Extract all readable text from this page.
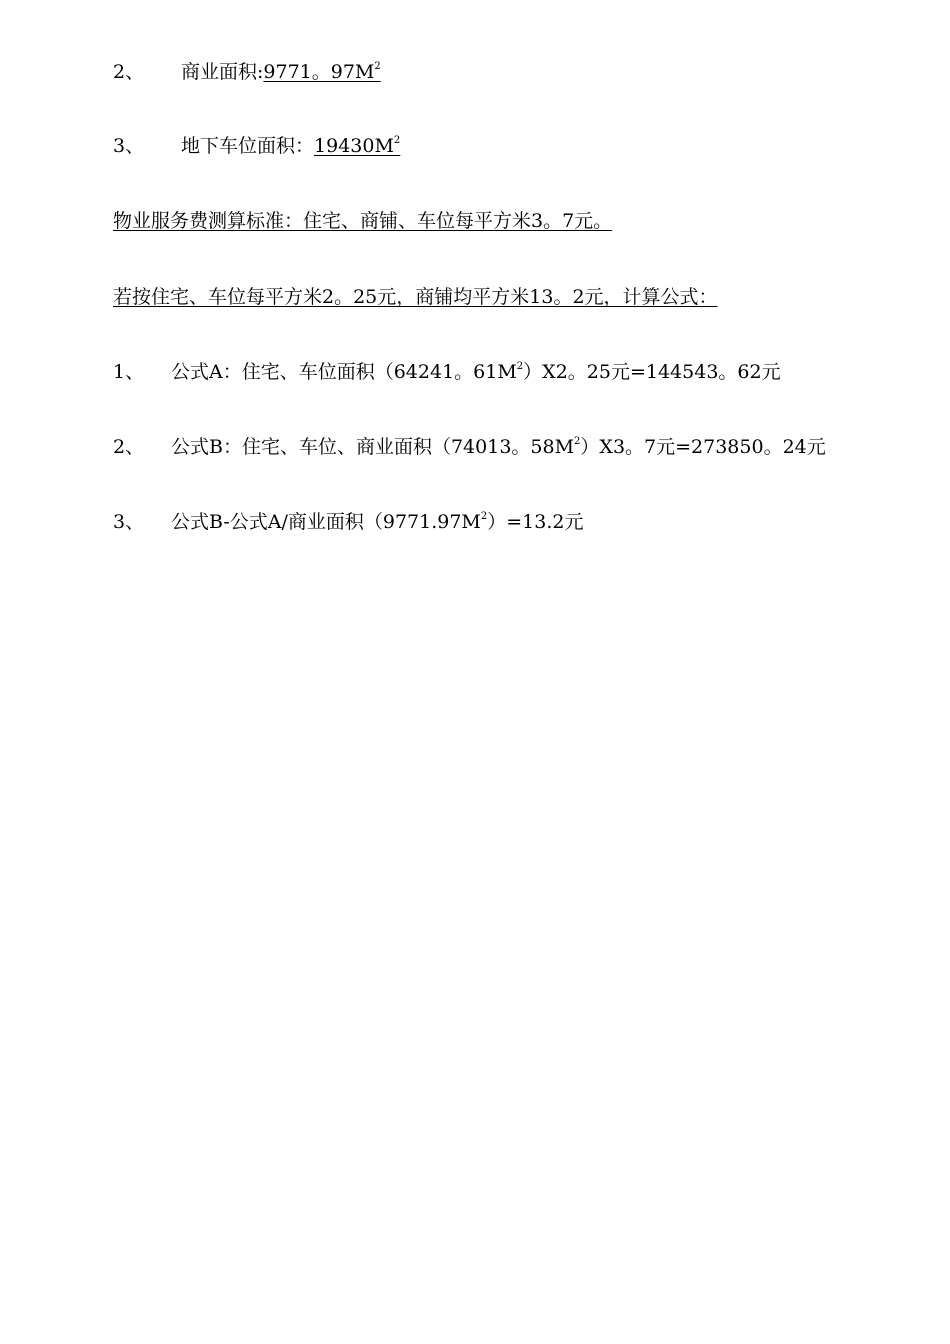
2、 商业面积:9771。$97M^2$
3、 地下车位面积：$19430M^2$
物业服务费测算标准：住宅、商铺、车位每平方米3。7元。
若按住宅、车位每平方米2。25元，商铺均平方米13。2元，计算公式：
1、 公式A：住宅、车位面积（64241。$61M^2)X2$。25元=144543。62元
2、 公式B：住宅、车位、商业面积（74013。$58M^2)X3$。7元=273850。24元
3、 公式B-公式A/商业面积$(9771.97M^2)=13.2$元
